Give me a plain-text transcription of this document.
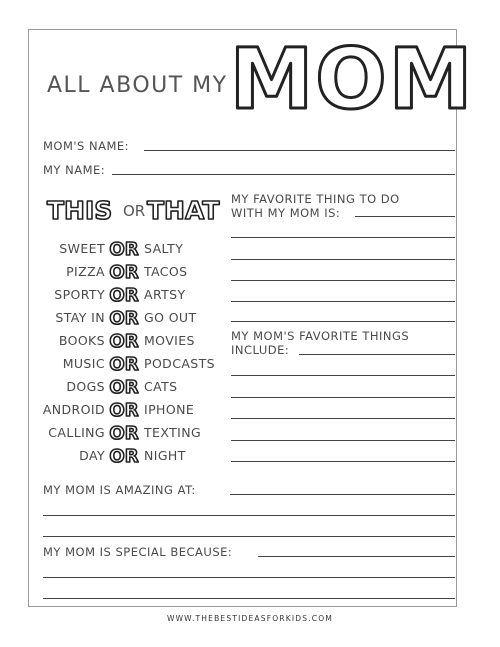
ALL ABOUT MY MOM
MOM'S NAME:
MY NAME:
THIS OR THAT
SWEET OR SALTY
PIZZA OR TACOS
SPORTY OR ARTSY
STAY IN OR GO OUT
BOOKS OR MOVIES
MUSIC OR PODCASTS
DOGS OR CATS
ANDROID OR IPHONE
CALLING OR TEXTING
DAY OR NIGHT
MY FAVORITE THING TO DO
WITH MY MOM IS:
MY MOM'S FAVORITE THINGS
INCLUDE:
MY MOM IS AMAZING AT:
MY MOM IS SPECIAL BECAUSE:
WWW.THEBESTIDEASFORKIDS.COM
